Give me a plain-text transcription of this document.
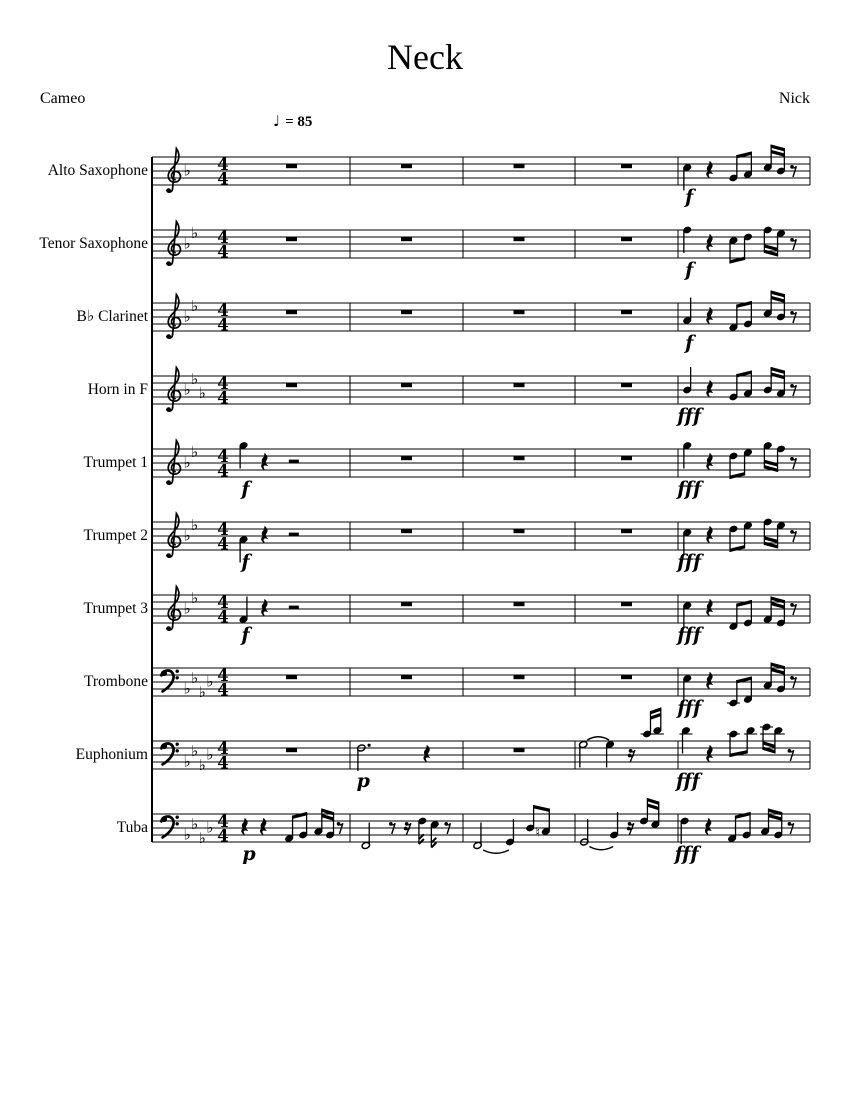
Neck
Cameo	Nick
♩ = 85
Alto Saxophone
Tenor Saxophone
B♭ Clarinet
Horn in F
Trumpet 1
Trumpet 2
Trumpet 3
Trombone
Euphonium
Tuba
♭ 4
4
f
♭
♭ 4
4
f
♭
♭ 4
4
f
♭
♭
♭
4
4
fff
♭
♭ 4
4
f	fff
♭
♭ 4
4
f	fff
♭
♭ 4
4
f	fff
♭
♭
♭
♭ 4
4
fff
♭
♭
♭
♭ 4
4
p	fff
♭
♭
♭
♭ 4
4	♮
p	fff
